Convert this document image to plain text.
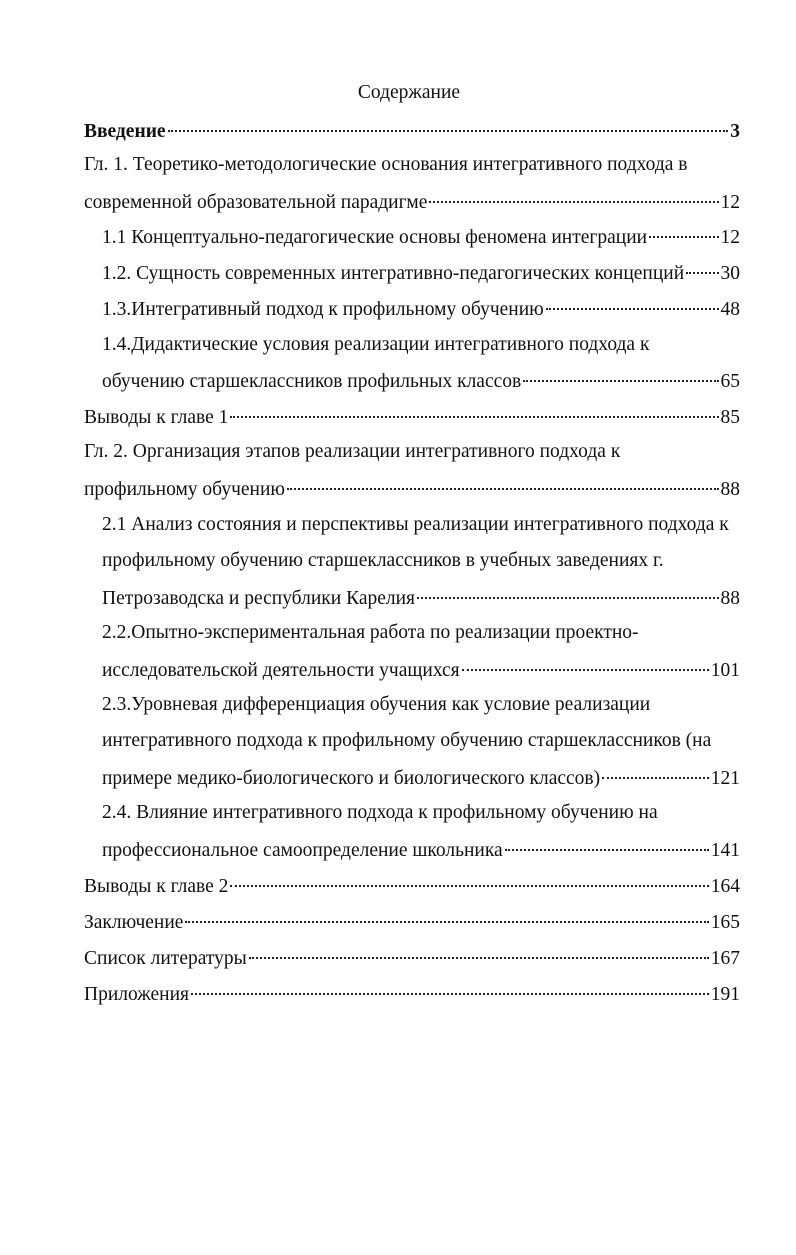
Содержание
Введение	3
Гл. 1. Теоретико-методологические основания интегративного подхода в
современной образовательной парадигме	12
1.1 Концептуально-педагогические основы феномена интеграции	12
1.2. Сущность современных интегративно-педагогических концепций 30
1.3.Интегративный подход к профильному обучению	48
1.4.Дидактические условия реализации интегративного подхода к
обучению старшеклассников профильных классов	65
Выводы к главе 1	85
Гл. 2. Организация этапов реализации интегративного подхода к
профильному обучению	88
2.1 Анализ состояния и перспективы реализации интегративного подхода к
профильному обучению старшеклассников в учебных заведениях г.
Петрозаводска и республики Карелия	88
2.2.Опытно-экспериментальная работа по реализации проектно-
исследовательской деятельности учащихся	101
2.3.Уровневая дифференциация обучения как условие реализации
интегративного подхода к профильному обучению старшеклассников (на
примере медико-биологического и биологического классов)	121
2.4. Влияние интегративного подхода к профильному обучению на
профессиональное самоопределение школьника	141
Выводы к главе 2	164
Заключение	165
Список литературы	167
Приложения	191
